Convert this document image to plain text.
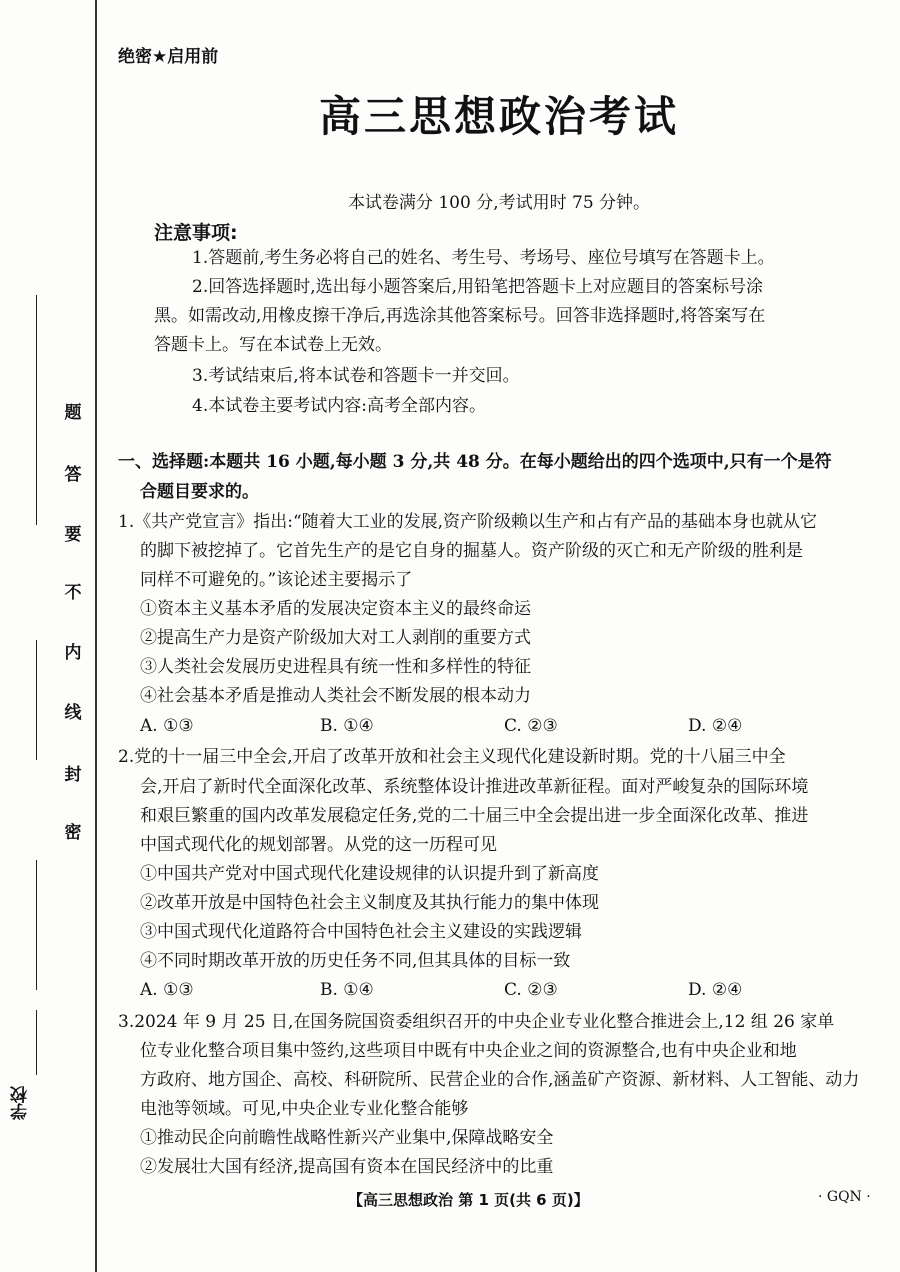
题
答
要
不
内
线
封
密
学校
绝密★启用前
高三思想政治考试
本试卷满分 100 分,考试用时 75 分钟。
注意事项:
1.答题前,考生务必将自己的姓名、考生号、考场号、座位号填写在答题卡上。
2.回答选择题时,选出每小题答案后,用铅笔把答题卡上对应题目的答案标号涂
黑。如需改动,用橡皮擦干净后,再选涂其他答案标号。回答非选择题时,将答案写在
答题卡上。写在本试卷上无效。
3.考试结束后,将本试卷和答题卡一并交回。
4.本试卷主要考试内容:高考全部内容。
一、选择题:本题共 16 小题,每小题 3 分,共 48 分。在每小题给出的四个选项中,只有一个是符
合题目要求的。
1.《共产党宣言》指出:“随着大工业的发展,资产阶级赖以生产和占有产品的基础本身也就从它
的脚下被挖掉了。它首先生产的是它自身的掘墓人。资产阶级的灭亡和无产阶级的胜利是
同样不可避免的。”该论述主要揭示了
①资本主义基本矛盾的发展决定资本主义的最终命运
②提高生产力是资产阶级加大对工人剥削的重要方式
③人类社会发展历史进程具有统一性和多样性的特征
④社会基本矛盾是推动人类社会不断发展的根本动力
A. ①③	B. ①④	C. ②③	D. ②④
2.党的十一届三中全会,开启了改革开放和社会主义现代化建设新时期。党的十八届三中全
会,开启了新时代全面深化改革、系统整体设计推进改革新征程。面对严峻复杂的国际环境
和艰巨繁重的国内改革发展稳定任务,党的二十届三中全会提出进一步全面深化改革、推进
中国式现代化的规划部署。从党的这一历程可见
①中国共产党对中国式现代化建设规律的认识提升到了新高度
②改革开放是中国特色社会主义制度及其执行能力的集中体现
③中国式现代化道路符合中国特色社会主义建设的实践逻辑
④不同时期改革开放的历史任务不同,但其具体的目标一致
A. ①③	B. ①④	C. ②③	D. ②④
3.2024 年 9 月 25 日,在国务院国资委组织召开的中央企业专业化整合推进会上,12 组 26 家单
位专业化整合项目集中签约,这些项目中既有中央企业之间的资源整合,也有中央企业和地
方政府、地方国企、高校、科研院所、民营企业的合作,涵盖矿产资源、新材料、人工智能、动力
电池等领域。可见,中央企业专业化整合能够
①推动民企向前瞻性战略性新兴产业集中,保障战略安全
②发展壮大国有经济,提高国有资本在国民经济中的比重
【高三思想政治 第 1 页(共 6 页)】	· GQN ·
